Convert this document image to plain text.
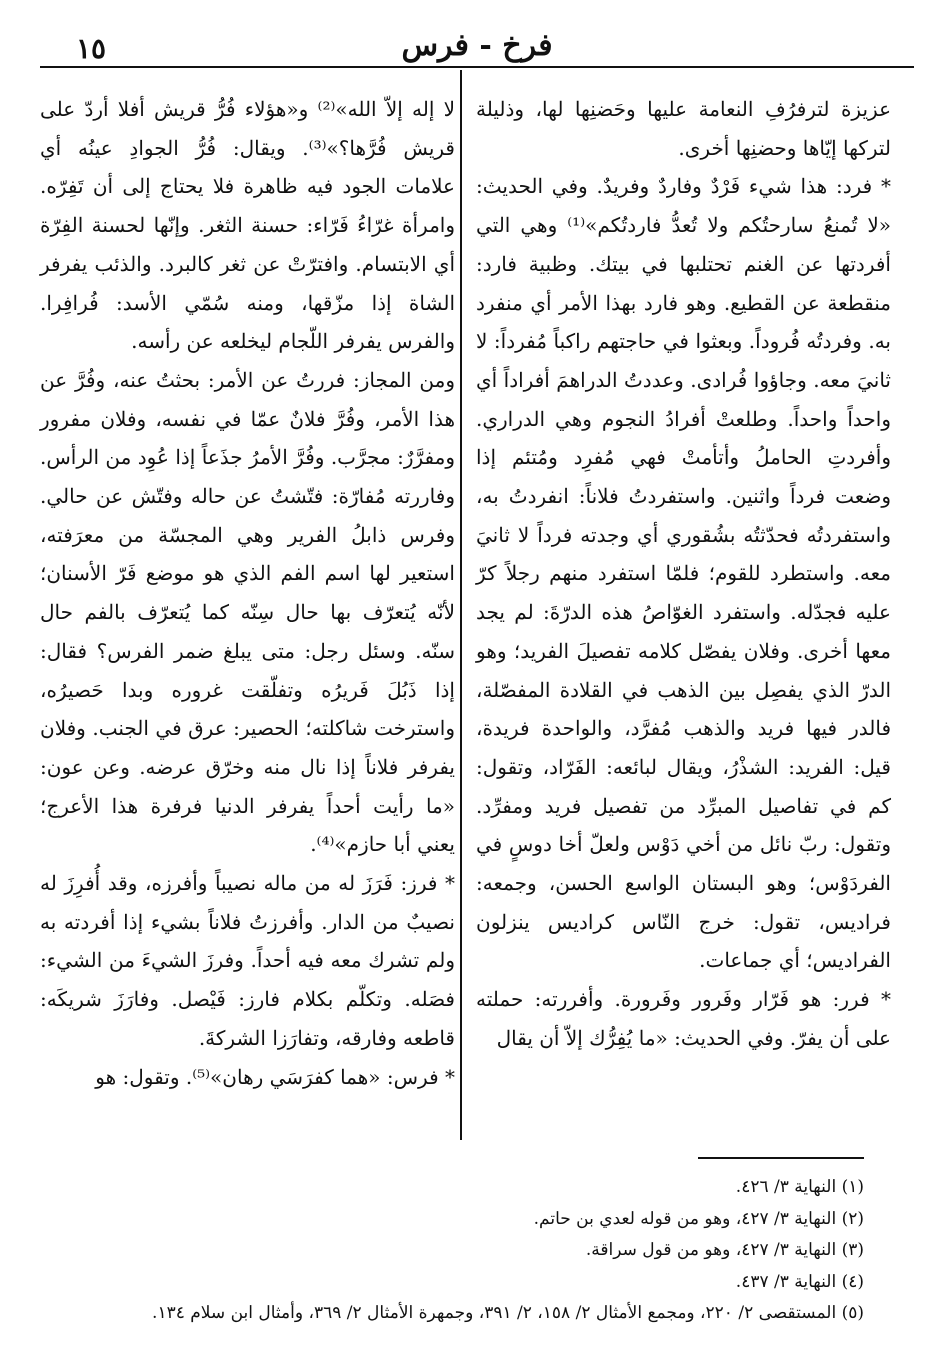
١٥	فرخ - فرس

عزيزة لترفرُفِ النعامة عليها وحَضنِها لها، وذليلة لتركها إيّاها وحضنِها أخرى.

* فرد: هذا شيء فَرْدٌ وفاردٌ وفريدٌ. وفي الحديث: «لا تُمنعُ سارحتُكم ولا تُعدُّ فاردتُكم»⁽¹⁾ وهي التي أفردتها عن الغنم تحتلبها في بيتك. وظبية فارد: منقطعة عن القطيع. وهو فارد بهذا الأمر أي منفرد به. وفردتُه فُروداً. وبعثوا في حاجتهم راكباً مُفرداً: لا ثانيَ معه. وجاؤوا فُرادى. وعددتُ الدراهمَ أفراداً أي واحداً واحداً. وطلعتْ أفرادُ النجوم وهي الدراري. وأفردتِ الحاملُ وأتأمتْ فهي مُفرِد ومُتئم إذا وضعت فرداً واثنين. واستفردتُ فلاناً: انفردتُ به، واستفردتُه فحدّثتُه بشُقوري أي وجدته فرداً لا ثانيَ معه. واستطرد للقوم؛ فلمّا استفرد منهم رجلاً كرّ عليه فجدّله. واستفرد الغوّاصُ هذه الدرّةَ: لم يجد معها أخرى. وفلان يفصّل كلامه تفصيلَ الفريد؛ وهو الدرّ الذي يفصِل بين الذهب في القلادة المفصّلة، فالدر فيها فريد والذهب مُفرَّد، والواحدة فريدة، قيل: الفريد: الشذْرُ، ويقال لبائعه: الفَرّاد، وتقول: كم في تفاصيل المبرِّد من تفصيل فريد ومفرِّد. وتقول: ربّ نائل من أخي دَوْس ولعلّ أخا دوسٍ في الفردَوْس؛ وهو البستان الواسع الحسن، وجمعه: فراديس، تقول: خرج النّاس كراديس ينزلون الفراديس؛ أي جماعات.

* فرر: هو فَرّار وفَرور وفَرورة. وأفررته: حملته على أن يفرّ. وفي الحديث: «ما يُفِرُّك إلاّ أن يقال

لا إله إلاّ الله»⁽²⁾ و«هؤلاء فُرُّ قريش أفلا أردّ على قريش فُرَّها؟»⁽³⁾. ويقال: فُرُّ الجوادِ عينُه أي علامات الجود فيه ظاهرة فلا يحتاج إلى أن تَفِرّه. وامرأة غرّاءُ فَرّاء: حسنة الثغر. وإنّها لحسنة الفِرّة أي الابتسام. وافترّتْ عن ثغر كالبرد. والذئب يفرفر الشاة إذا مزّقها، ومنه سُمّي الأسد: فُرافِرا. والفرس يفرفر اللّجام ليخلعه عن رأسه.

ومن المجاز: فررتُ عن الأمر: بحثتُ عنه، وفُرَّ عن هذا الأمر، وفُرَّ فلانٌ عمّا في نفسه، وفلان مفرور ومفرَّرٌ: مجرَّب. وفُرَّ الأمرُ جذَعاً إذا عُوِد من الرأس. وفاررته مُفارّة: فتّشتُ عن حاله وفتّش عن حالي. وفرس ذابلُ الفرير وهي المجسّة من معرَفته، استعير لها اسم الفم الذي هو موضع فَرّ الأسنان؛ لأنّه يُتعرّف بها حال سِنّه كما يُتعرّف بالفم حال سنّه. وسئل رجل: متى يبلغ ضمر الفرس؟ فقال: إذا ذَبُلَ فَريرُه وتفلّقت غروره وبدا حَصيرُه، واسترخت شاكلته؛ الحصير: عرق في الجنب. وفلان يفرفر فلاناً إذا نال منه وخرّق عرضه. وعن عون: «ما رأيت أحداً يفرفر الدنيا فرفرة هذا الأعرج؛ يعني أبا حازم»⁽⁴⁾.

* فرز: فَرَزَ له من ماله نصيباً وأفرزه، وقد أُفرِزَ له نصيبٌ من الدار. وأفرزتُ فلاناً بشيء إذا أفردته به ولم تشرك معه فيه أحداً. وفرزَ الشيءَ من الشيء: فصَله. وتكلّم بكلام فارز: فَيْصل. وفارَزَ شريكَه: قاطعه وفارقه، وتفارَزا الشركةَ.

* فرس: «هما كفرَسَي رهان»⁽⁵⁾. وتقول: هو

(١) النهاية ٣/ ٤٢٦.
(٢) النهاية ٣/ ٤٢٧، وهو من قوله لعدي بن حاتم.
(٣) النهاية ٣/ ٤٢٧، وهو من قول سراقة.
(٤) النهاية ٣/ ٤٣٧.
(٥) المستقصى ٢/ ٢٢٠، ومجمع الأمثال ٢/ ١٥٨، ٢/ ٣٩١، وجمهرة الأمثال ٢/ ٣٦٩، وأمثال ابن سلام ١٣٤.
